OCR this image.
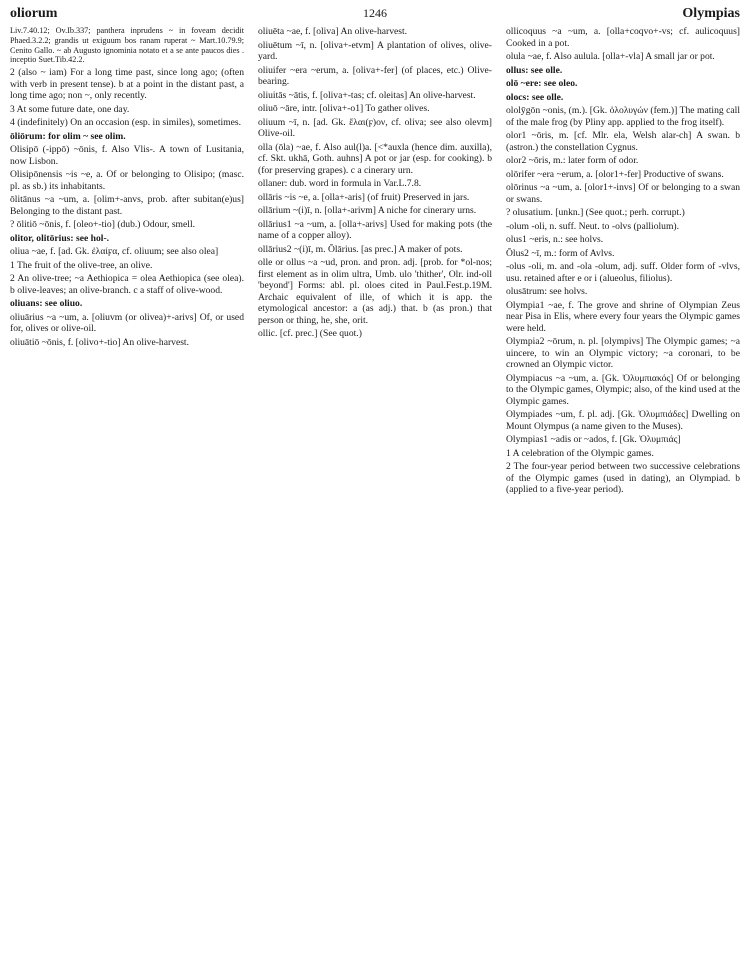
oliorum	1246	Olympias

Liv.7.40.12; Ov.Ib.337; panthera inprudens ~ in foveam decidit Phaed.3.2.2; grandis ut exiguum bos ranam ruperat ~ Mart.10.79.9; Cenito Gallo. ~ ab Augusto ignominia notato et a se ante paucos dies . inceptio Suet.Tib.42.2.

2 (also ~ iam) For a long time past, since long ago; (often with verb in present tense). b at a point in the distant past, a long time ago; non ~, only recently.

3 At some future date, one day.

4 (indefinitely) On an occasion (esp. in similes), sometimes.

ōliōrum: for olim ~ see olim.

Olisipō (-ippō) ~ōnis, f. Also Vlis-. A town of Lusitania, now Lisbon.

Olisipōnensis ~is ~e, a. Of or belonging to Olisipo; (masc. pl. as sb.) its inhabitants.

ōlitānus ~a ~um, a. [olim+-anvs, prob. after subitan(e)us] Belonging to the distant past.

? ōlitiō ~ōnis, f. [oleo+-tio] (dub.) Odour, smell.

olitor, olitōrius: see hol-.

oliua ~ae, f. [ad. Gk. ἐλαίϝα, cf. oliuum; see also olea]

1 The fruit of the olive-tree, an olive.

2 An olive-tree; ~a Aethiopica = olea Aethiopica (see olea). b olive-leaves; an olive-branch. c a staff of olive-wood.

oliuans: see oliuo.

oliuārius ~a ~um, a. [oliuvm (or olivea)+-arivs] Of, or used for, olives or olive-oil.

oliuātiō ~ōnis, f. [olivo+-tio] An olive-harvest.

oliuēta ~ae, f. [oliva] An olive-harvest.

oliuētum ~ī, n. [oliva+-etvm] A plantation of olives, olive-yard.

oliuifer ~era ~erum, a. [oliva+-fer] (of places, etc.) Olive-bearing.

oliuitās ~ātis, f. [oliva+-tas; cf. oleitas] An olive-harvest.

oliuō ~āre, intr. [oliva+-o1] To gather olives.

oliuum ~ī, n. [ad. Gk. ἔλαι(ϝ)ον, cf. oliva; see also olevm] Olive-oil.

olla (ōla) ~ae, f. Also aul(l)a. [<*auxla (hence dim. auxilla), cf. Skt. ukhā, Goth. auhns] A pot or jar (esp. for cooking). b (for preserving grapes). c a cinerary urn.

ollaner: dub. word in formula in Var.L.7.8.

ollāris ~is ~e, a. [olla+-aris] (of fruit) Preserved in jars.

ollārium ~(i)ī, n. [olla+-arivm] A niche for cinerary urns.

ollārius1 ~a ~um, a. [olla+-arivs] Used for making pots (the name of a copper alloy).

ollārius2 ~(i)ī, m. Ōlārius. [as prec.] A maker of pots.

olle or ollus ~a ~ud, pron. and pron. adj. [prob. for *ol-nos; first element as in olim ultra, Umb. ulo 'thither', Olr. ind-oll 'beyond'] Forms: abl. pl. oloes cited in Paul.Fest.p.19M. Archaic equivalent of ille, of which it is app. the etymological ancestor: a (as adj.) that. b (as pron.) that person or thing, he, she, orit.

ollic. [cf. prec.] (See quot.)

ollicoquus ~a ~um, a. [olla+coqvo+-vs; cf. aulicoquus] Cooked in a pot.

olula ~ae, f. Also aulula. [olla+-vla] A small jar or pot.

ollus: see olle.

olō ~ere: see oleo.

olocs: see olle.

ololȳgōn ~onis, (m.). [Gk. ὀλολυγών (fem.)] The mating call of the male frog (by Pliny app. applied to the frog itself).

olor1 ~ōris, m. [cf. Mlr. ela, Welsh alar-ch] A swan. b (astron.) the constellation Cygnus.

olor2 ~ōris, m.: later form of odor.

olōrifer ~era ~erum, a. [olor1+-fer] Productive of swans.

olōrinus ~a ~um, a. [olor1+-invs] Of or belonging to a swan or swans.

? olusatium. [unkn.] (See quot.; perh. corrupt.)

-olum -oli, n. suff. Neut. to -olvs (palliolum).

olus1 ~eris, n.: see holvs.

Ōlus2 ~ī, m.: form of Avlvs.

-olus -oli, m. and -ola -olum, adj. suff. Older form of -vlvs, usu. retained after e or i (alueolus, filiolus).

olusātrum: see holvs.

Olympia1 ~ae, f. The grove and shrine of Olympian Zeus near Pisa in Elis, where every four years the Olympic games were held.

Olympia2 ~ōrum, n. pl. [olympivs] The Olympic games; ~a uincere, to win an Olympic victory; ~a coronari, to be crowned an Olympic victor.

Olympiacus ~a ~um, a. [Gk. Ὀλυμπιακός] Of or belonging to the Olympic games, Olympic; also, of the kind used at the Olympic games.

Olympiades ~um, f. pl. adj. [Gk. Ὀλυμπιάδες] Dwelling on Mount Olympus (a name given to the Muses).

Olympias1 ~adis or ~ados, f. [Gk. Ὀλυμπιάς]

1 A celebration of the Olympic games.

2 The four-year period between two successive celebrations of the Olympic games (used in dating), an Olympiad. b (applied to a five-year period).
